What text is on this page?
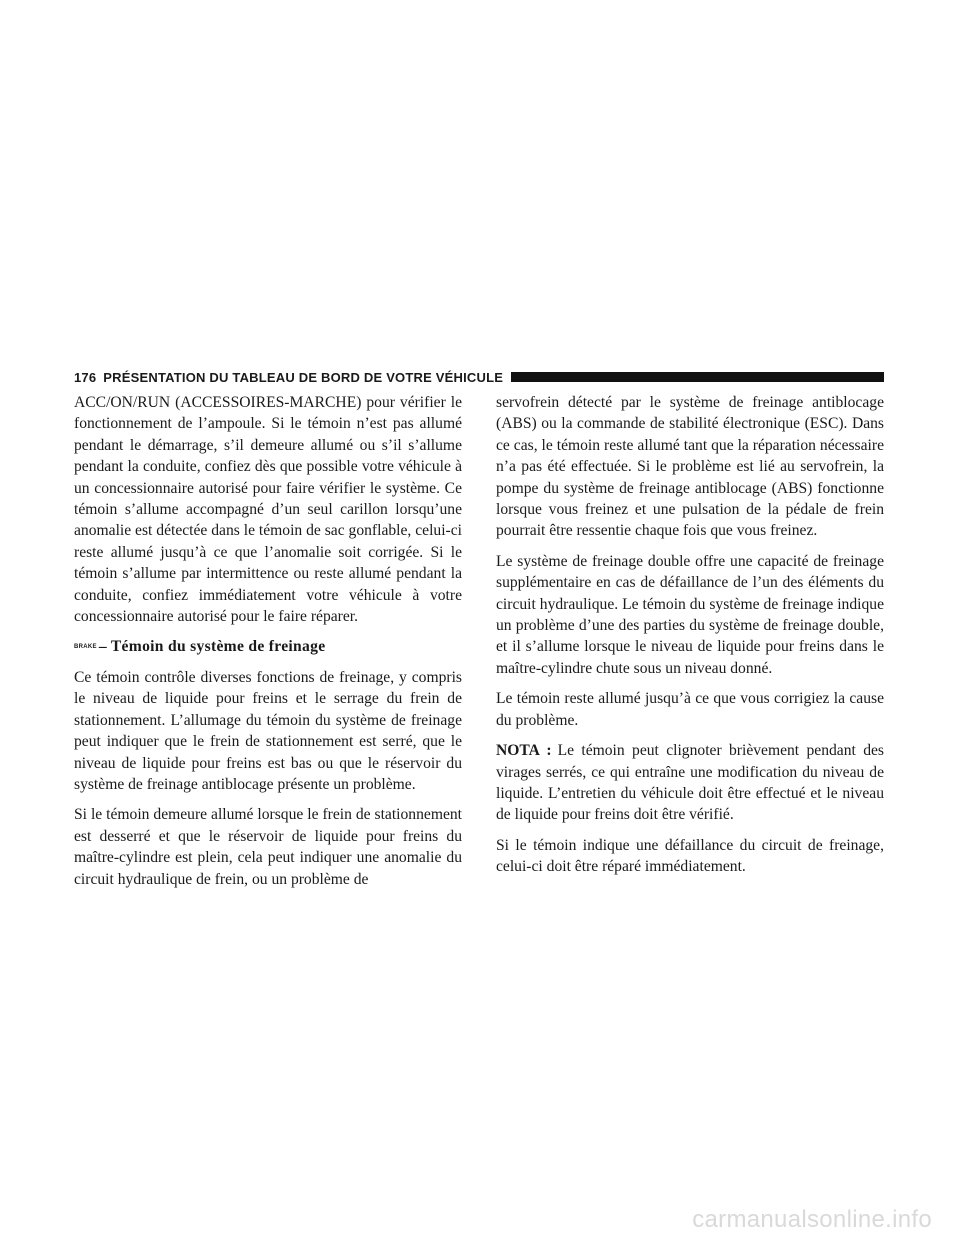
176 PRÉSENTATION DU TABLEAU DE BORD DE VOTRE VÉHICULE

ACC/ON/RUN (ACCESSOIRES-MARCHE) pour vérifier le fonctionnement de l’ampoule. Si le témoin n’est pas allumé pendant le démarrage, s’il demeure allumé ou s’il s’allume pendant la conduite, confiez dès que possible votre véhicule à un concessionnaire autorisé pour faire vérifier le système. Ce témoin s’allume accompagné d’un seul carillon lorsqu’une anomalie est détectée dans le témoin de sac gonflable, celui-ci reste allumé jusqu’à ce que l’anomalie soit corrigée. Si le témoin s’allume par intermittence ou reste allumé pendant la conduite, confiez immédiatement votre véhicule à votre concessionnaire autorisé pour le faire réparer.

BRAKE – Témoin du système de freinage

Ce témoin contrôle diverses fonctions de freinage, y compris le niveau de liquide pour freins et le serrage du frein de stationnement. L’allumage du témoin du système de freinage peut indiquer que le frein de stationnement est serré, que le niveau de liquide pour freins est bas ou que le réservoir du système de freinage antiblocage présente un problème.

Si le témoin demeure allumé lorsque le frein de stationnement est desserré et que le réservoir de liquide pour freins du maître-cylindre est plein, cela peut indiquer une anomalie du circuit hydraulique de frein, ou un problème de

servofrein détecté par le système de freinage antiblocage (ABS) ou la commande de stabilité électronique (ESC). Dans ce cas, le témoin reste allumé tant que la réparation nécessaire n’a pas été effectuée. Si le problème est lié au servofrein, la pompe du système de freinage antiblocage (ABS) fonctionne lorsque vous freinez et une pulsation de la pédale de frein pourrait être ressentie chaque fois que vous freinez.

Le système de freinage double offre une capacité de freinage supplémentaire en cas de défaillance de l’un des éléments du circuit hydraulique. Le témoin du système de freinage indique un problème d’une des parties du système de freinage double, et il s’allume lorsque le niveau de liquide pour freins dans le maître-cylindre chute sous un niveau donné.

Le témoin reste allumé jusqu’à ce que vous corrigiez la cause du problème.

NOTA : Le témoin peut clignoter brièvement pendant des virages serrés, ce qui entraîne une modification du niveau de liquide. L’entretien du véhicule doit être effectué et le niveau de liquide pour freins doit être vérifié.

Si le témoin indique une défaillance du circuit de freinage, celui-ci doit être réparé immédiatement.

carmanualsonline.info
